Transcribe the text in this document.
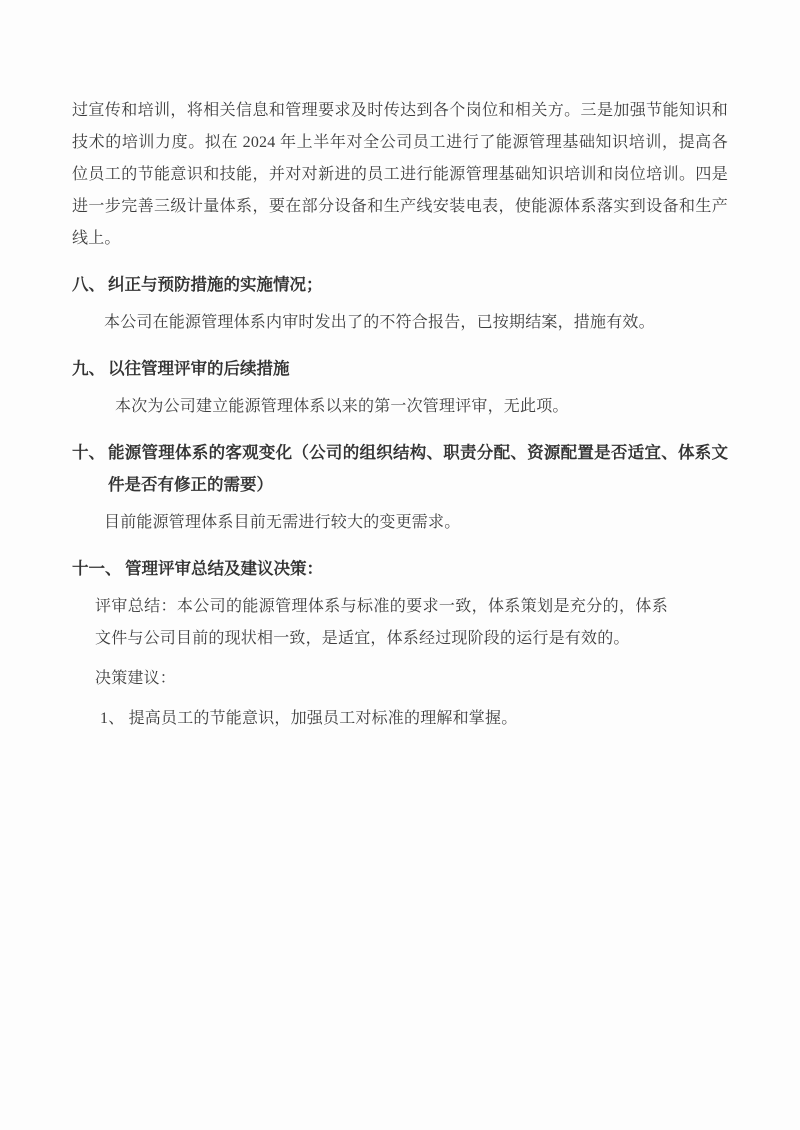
过宣传和培训，将相关信息和管理要求及时传达到各个岗位和相关方。三是加强节能知识和技术的培训力度。拟在 2024 年上半年对全公司员工进行了能源管理基础知识培训，提高各位员工的节能意识和技能，并对对新进的员工进行能源管理基础知识培训和岗位培训。四是进一步完善三级计量体系，要在部分设备和生产线安装电表，使能源体系落实到设备和生产线上。

八、 纠正与预防措施的实施情况；

本公司在能源管理体系内审时发出了的不符合报告，已按期结案，措施有效。

九、 以往管理评审的后续措施

本次为公司建立能源管理体系以来的第一次管理评审，无此项。

十、 能源管理体系的客观变化（公司的组织结构、职责分配、资源配置是否适宜、体系文件是否有修正的需要）

目前能源管理体系目前无需进行较大的变更需求。

十一、 管理评审总结及建议决策：

评审总结：本公司的能源管理体系与标准的要求一致，体系策划是充分的，体系文件与公司目前的现状相一致，是适宜，体系经过现阶段的运行是有效的。

决策建议：

1、 提高员工的节能意识，加强员工对标准的理解和掌握。
